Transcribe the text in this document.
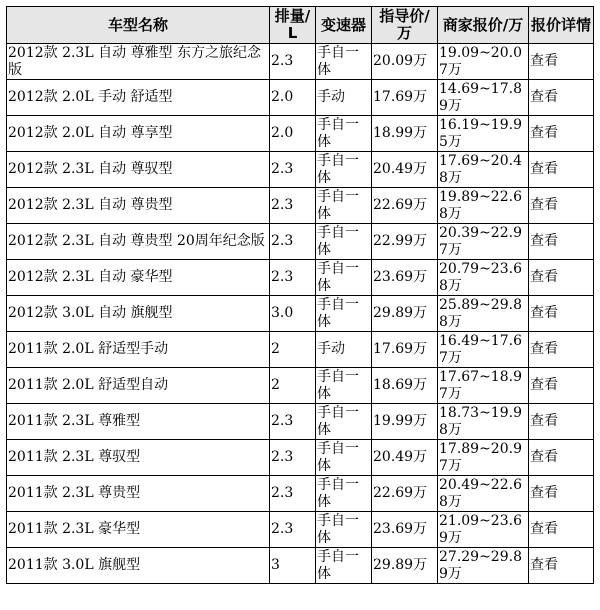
车型名称	排量/L	变速器	指导价/万	商家报价/万	报价详情
2012款 2.3L 自动 尊雅型 东方之旅纪念版	2.3	手自一体	20.09万	19.09~20.07万	查看
2012款 2.0L 手动 舒适型	2.0	手动	17.69万	14.69~17.89万	查看
2012款 2.0L 自动 尊享型	2.0	手自一体	18.99万	16.19~19.95万	查看
2012款 2.3L 自动 尊驭型	2.3	手自一体	20.49万	17.69~20.48万	查看
2012款 2.3L 自动 尊贵型	2.3	手自一体	22.69万	19.89~22.68万	查看
2012款 2.3L 自动 尊贵型 20周年纪念版	2.3	手自一体	22.99万	20.39~22.97万	查看
2012款 2.3L 自动 豪华型	2.3	手自一体	23.69万	20.79~23.68万	查看
2012款 3.0L 自动 旗舰型	3.0	手自一体	29.89万	25.89~29.88万	查看
2011款 2.0L 舒适型手动	2	手动	17.69万	16.49~17.67万	查看
2011款 2.0L 舒适型自动	2	手自一体	18.69万	17.67~18.97万	查看
2011款 2.3L 尊雅型	2.3	手自一体	19.99万	18.73~19.98万	查看
2011款 2.3L 尊驭型	2.3	手自一体	20.49万	17.89~20.97万	查看
2011款 2.3L 尊贵型	2.3	手自一体	22.69万	20.49~22.68万	查看
2011款 2.3L 豪华型	2.3	手自一体	23.69万	21.09~23.69万	查看
2011款 3.0L 旗舰型	3	手自一体	29.89万	27.29~29.89万	查看
